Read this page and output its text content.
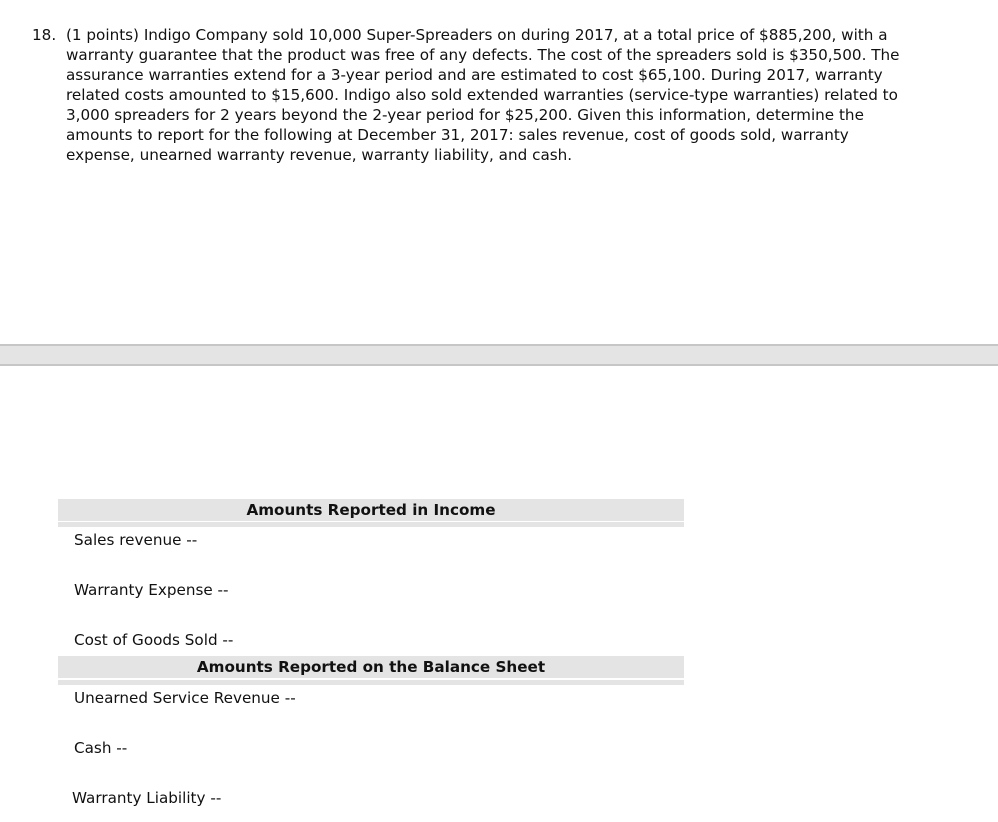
18. (1 points) Indigo Company sold 10,000 Super-Spreaders on during 2017, at a total price of $885,200, with a warranty guarantee that the product was free of any defects. The cost of the spreaders sold is $350,500. The assurance warranties extend for a 3-year period and are estimated to cost $65,100. During 2017, warranty related costs amounted to $15,600. Indigo also sold extended warranties (service-type warranties) related to 3,000 spreaders for 2 years beyond the 2-year period for $25,200. Given this information, determine the amounts to report for the following at December 31, 2017: sales revenue, cost of goods sold, warranty expense, unearned warranty revenue, warranty liability, and cash.
Amounts Reported in Income
Sales revenue --
Warranty Expense --
Cost of Goods Sold --
Amounts Reported on the Balance Sheet
Unearned Service Revenue --
Cash --
Warranty Liability --
